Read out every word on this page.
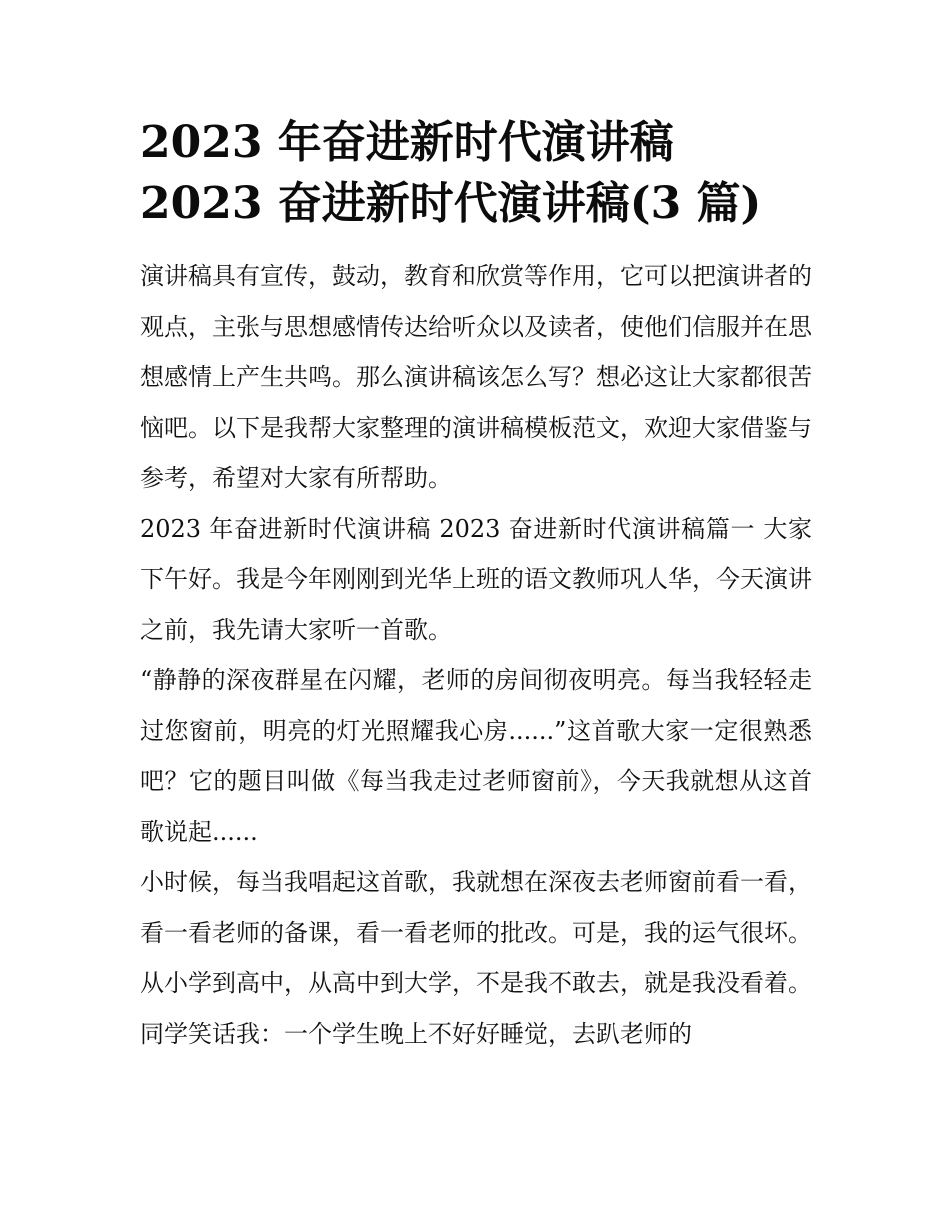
2023 年奋进新时代演讲稿
2023 奋进新时代演讲稿(3 篇)

演讲稿具有宣传，鼓动，教育和欣赏等作用，它可以把演讲者的观点，主张与思想感情传达给听众以及读者，使他们信服并在思想感情上产生共鸣。那么演讲稿该怎么写？想必这让大家都很苦恼吧。以下是我帮大家整理的演讲稿模板范文，欢迎大家借鉴与参考，希望对大家有所帮助。

2023 年奋进新时代演讲稿 2023 奋进新时代演讲稿篇一 大家下午好。我是今年刚刚到光华上班的语文教师巩人华，今天演讲之前，我先请大家听一首歌。

“静静的深夜群星在闪耀，老师的房间彻夜明亮。每当我轻轻走过您窗前，明亮的灯光照耀我心房......”这首歌大家一定很熟悉吧？它的题目叫做《每当我走过老师窗前》，今天我就想从这首歌说起......

小时候，每当我唱起这首歌，我就想在深夜去老师窗前看一看，看一看老师的备课，看一看老师的批改。可是，我的运气很坏。从小学到高中，从高中到大学，不是我不敢去，就是我没看着。同学笑话我：一个学生晚上不好好睡觉，去趴老师的
